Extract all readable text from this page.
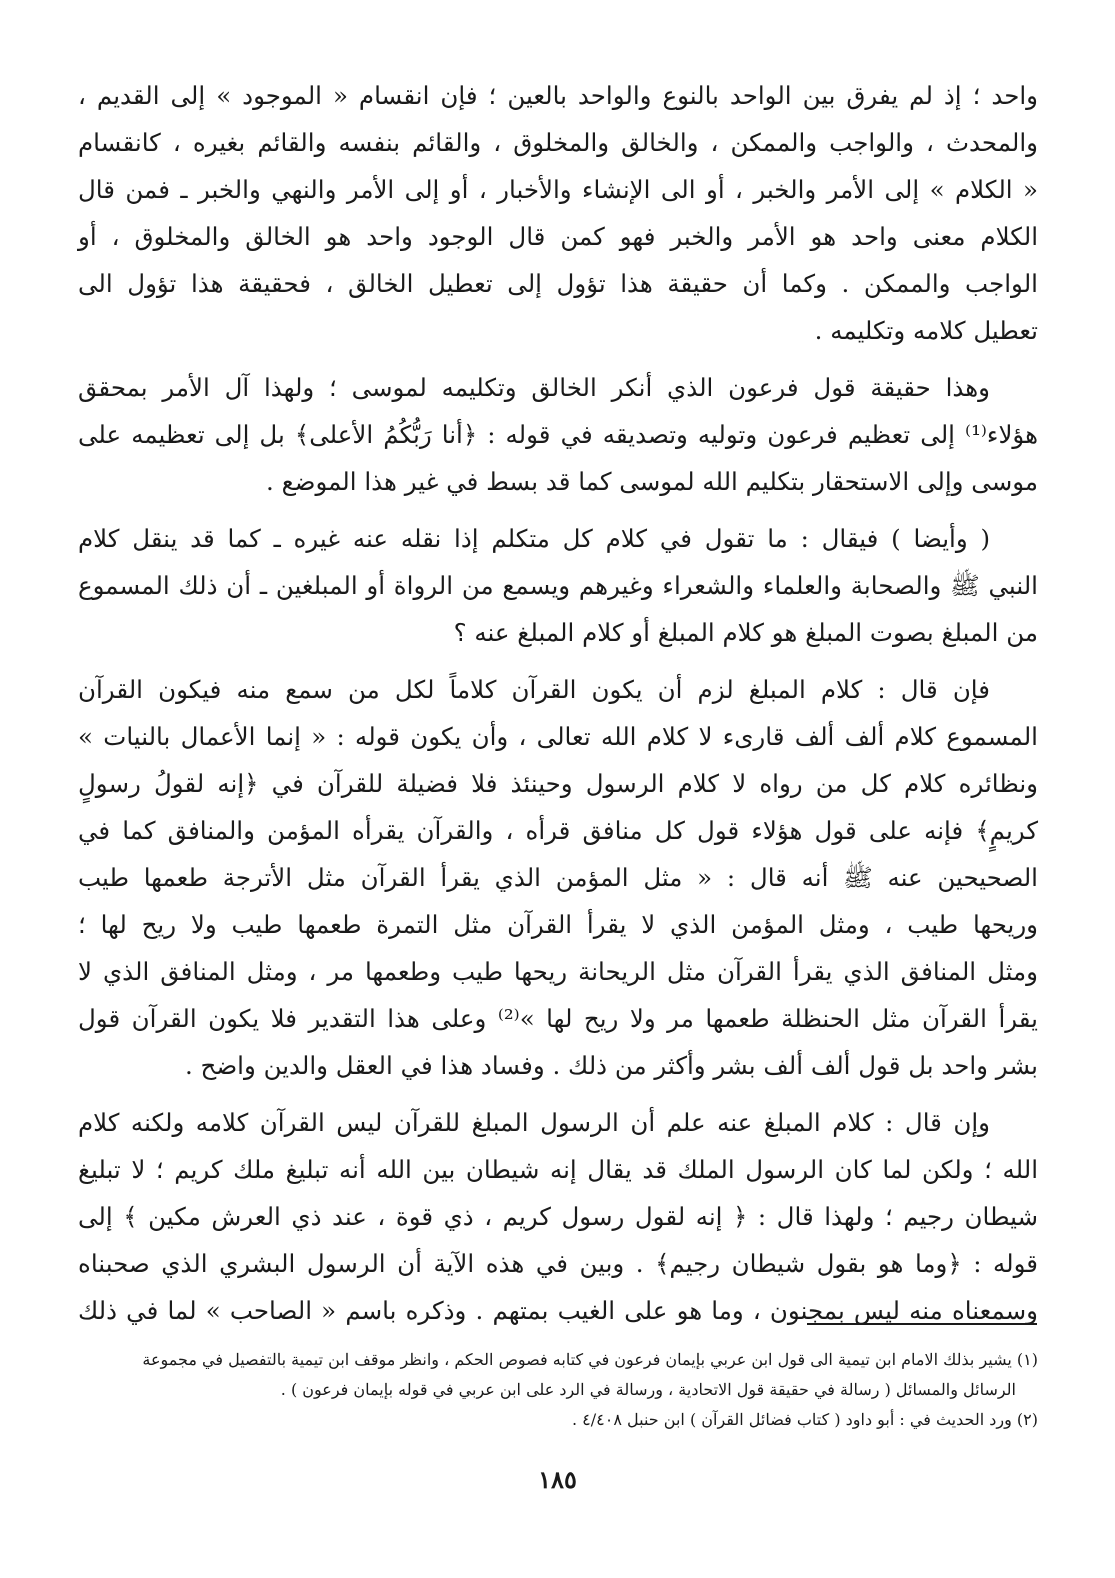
واحد ؛ إذ لم يفرق بين الواحد بالنوع والواحد بالعين ؛ فإن انقسام « الموجود » إلى القديم ،
والمحدث ، والواجب والممكن ، والخالق والمخلوق ، والقائم بنفسه والقائم بغيره ، كانقسام
« الكلام » إلى الأمر والخبر ، أو الى الإنشاء والأخبار ، أو إلى الأمر والنهي والخبر ـ فمن قال
الكلام معنى واحد هو الأمر والخبر فهو كمن قال الوجود واحد هو الخالق والمخلوق ، أو
الواجب والممكن . وكما أن حقيقة هذا تؤول إلى تعطيل الخالق ، فحقيقة هذا تؤول الى
تعطيل كلامه وتكليمه .
وهذا حقيقة قول فرعون الذي أنكر الخالق وتكليمه لموسى ؛ ولهذا آل الأمر بمحقق
هؤلاء⁽¹⁾ إلى تعظيم فرعون وتوليه وتصديقه في قوله : ﴿أنا رَبُّكُمُ الأعلى﴾ بل إلى تعظيمه على
موسى وإلى الاستحقار بتكليم الله لموسى كما قد بسط في غير هذا الموضع .
( وأيضا ) فيقال : ما تقول في كلام كل متكلم إذا نقله عنه غيره ـ كما قد ينقل كلام
النبي ﷺ والصحابة والعلماء والشعراء وغيرهم ويسمع من الرواة أو المبلغين ـ أن ذلك المسموع
من المبلغ بصوت المبلغ هو كلام المبلغ أو كلام المبلغ عنه ؟
فإن قال : كلام المبلغ لزم أن يكون القرآن كلاماً لكل من سمع منه فيكون القرآن
المسموع كلام ألف ألف قارىء لا كلام الله تعالى ، وأن يكون قوله : « إنما الأعمال بالنيات »
ونظائره كلام كل من رواه لا كلام الرسول وحينئذ فلا فضيلة للقرآن في ﴿إنه لقولُ رسولٍ
كريمٍ﴾ فإنه على قول هؤلاء قول كل منافق قرأه ، والقرآن يقرأه المؤمن والمنافق كما في
الصحيحين عنه ﷺ أنه قال : « مثل المؤمن الذي يقرأ القرآن مثل الأترجة طعمها طيب
وريحها طيب ، ومثل المؤمن الذي لا يقرأ القرآن مثل التمرة طعمها طيب ولا ريح لها ؛
ومثل المنافق الذي يقرأ القرآن مثل الريحانة ريحها طيب وطعمها مر ، ومثل المنافق الذي لا
يقرأ القرآن مثل الحنظلة طعمها مر ولا ريح لها »⁽²⁾ وعلى هذا التقدير فلا يكون القرآن قول
بشر واحد بل قول ألف ألف بشر وأكثر من ذلك . وفساد هذا في العقل والدين واضح .
وإن قال : كلام المبلغ عنه علم أن الرسول المبلغ للقرآن ليس القرآن كلامه ولكنه كلام
الله ؛ ولكن لما كان الرسول الملك قد يقال إنه شيطان بين الله أنه تبليغ ملك كريم ؛ لا تبليغ
شيطان رجيم ؛ ولهذا قال : ﴿ إنه لقول رسول كريم ، ذي قوة ، عند ذي العرش مكين ﴾ إلى
قوله : ﴿وما هو بقول شيطان رجيم﴾ . وبين في هذه الآية أن الرسول البشري الذي صحبناه
وسمعناه منه ليس بمجنون ، وما هو على الغيب بمتهم . وذكره باسم « الصاحب » لما في ذلك
(١) يشير بذلك الامام ابن تيمية الى قول ابن عربي بإيمان فرعون في كتابه فصوص الحكم ، وانظر موقف ابن تيمية بالتفصيل في مجموعة
الرسائل والمسائل ( رسالة في حقيقة قول الاتحادية ، ورسالة في الرد على ابن عربي في قوله بإيمان فرعون ) .
(٢) ورد الحديث في : أبو داود ( كتاب فضائل القرآن ) ابن حنبل ٤/٤٠٨ .
١٨٥
